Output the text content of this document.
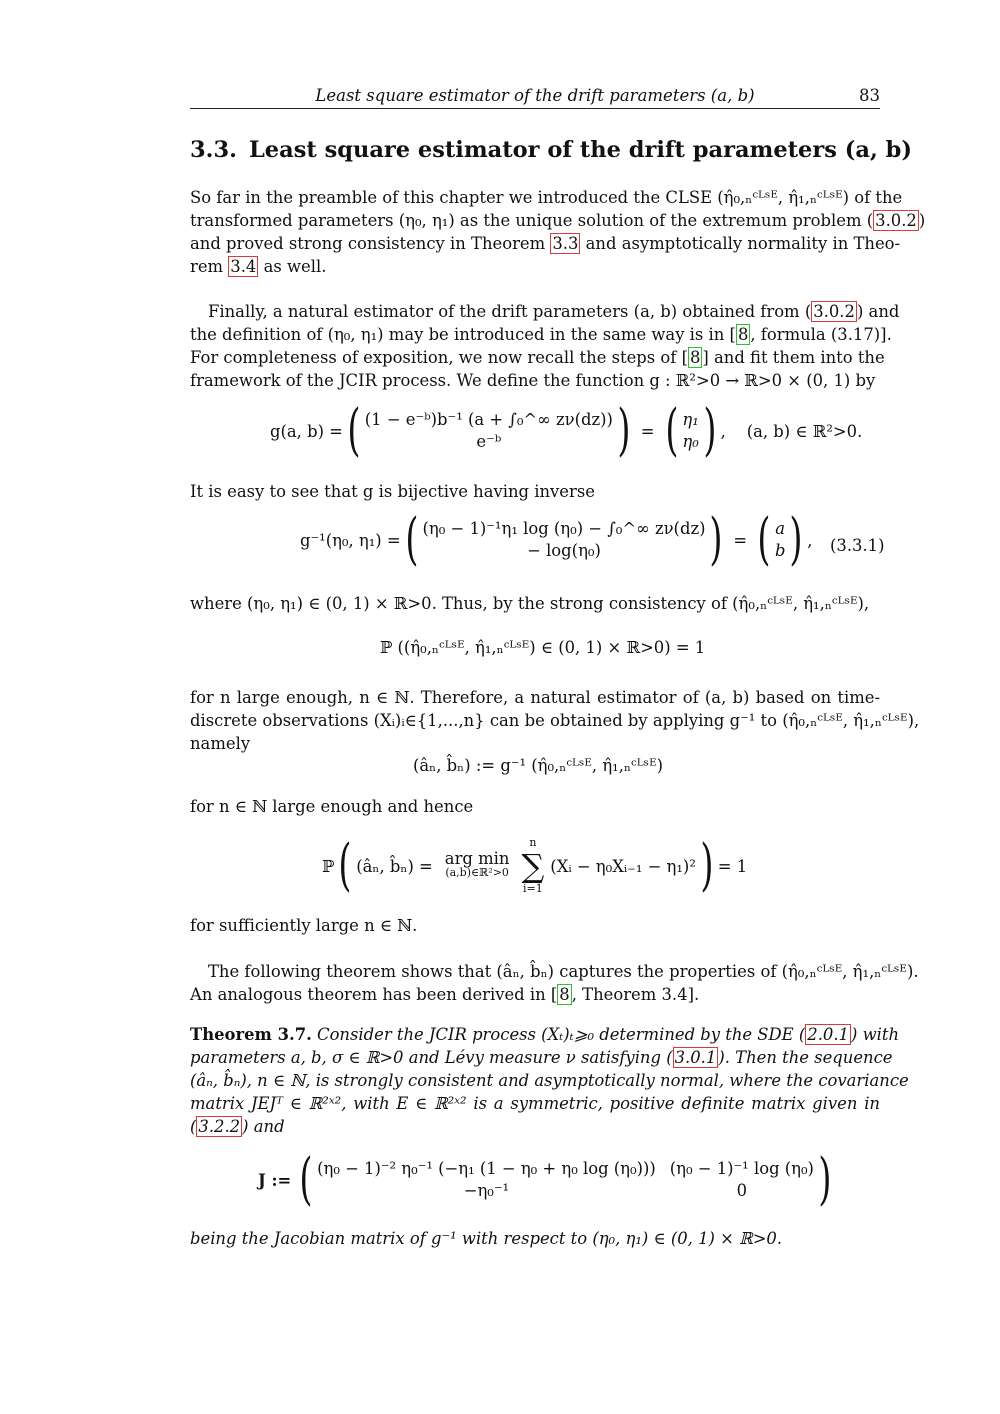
Least square estimator of the drift parameters (a, b)	83
3.3. Least square estimator of the drift parameters (a, b)
So far in the preamble of this chapter we introduced the CLSE (η̂₀,ₙᶜᴸˢᴱ, η̂₁,ₙᶜᴸˢᴱ) of the
transformed parameters (η₀, η₁) as the unique solution of the extremum problem ( 3.0.2 )
and proved strong consistency in Theorem 3.3 and asymptotically normality in Theo-
rem 3.4 as well.
Finally, a natural estimator of the drift parameters (a, b) obtained from ( 3.0.2 ) and
the definition of (η₀, η₁) may be introduced in the same way is in [ 8 , formula (3.17)].
For completeness of exposition, we now recall the steps of [ 8 ] and fit them into the
framework of the JCIR process. We define the function g : ℝ²>0 → ℝ>0 × (0, 1) by
g(a, b) = ( (1 − e⁻ᵇ)b⁻¹ (a + ∫₀^∞ zν(dz))
e⁻ᵇ ) = ( η₁
η₀ ) ,    (a, b) ∈ ℝ²>0.
It is easy to see that g is bijective having inverse
g⁻¹(η₀, η₁) = ( (η₀ − 1)⁻¹η₁ log (η₀) − ∫₀^∞ zν(dz)
− log(η₀) ) = ( a
b ) , (3.3.1)
where (η₀, η₁) ∈ (0, 1) × ℝ>0. Thus, by the strong consistency of (η̂₀,ₙᶜᴸˢᴱ, η̂₁,ₙᶜᴸˢᴱ),
ℙ ((η̂₀,ₙᶜᴸˢᴱ, η̂₁,ₙᶜᴸˢᴱ) ∈ (0, 1) × ℝ>0) = 1
for n large enough, n ∈ ℕ. Therefore, a natural estimator of (a, b) based on time-
discrete observations (Xᵢ)ᵢ∈{1,...,n} can be obtained by applying g⁻¹ to (η̂₀,ₙᶜᴸˢᴱ, η̂₁,ₙᶜᴸˢᴱ),
namely
(âₙ, b̂ₙ) := g⁻¹ (η̂₀,ₙᶜᴸˢᴱ, η̂₁,ₙᶜᴸˢᴱ)
for n ∈ ℕ large enough and hence
ℙ ( (âₙ, b̂ₙ) = arg min
(a,b)∈ℝ²>0
n
∑
i=1
(Xᵢ − η₀Xᵢ₋₁ − η₁)² ) = 1
for sufficiently large n ∈ ℕ.
The following theorem shows that (âₙ, b̂ₙ) captures the properties of (η̂₀,ₙᶜᴸˢᴱ, η̂₁,ₙᶜᴸˢᴱ).
An analogous theorem has been derived in [ 8 , Theorem 3.4].
Theorem 3.7. Consider the JCIR process (Xₜ)ₜ⩾₀ determined by the SDE ( 2.0.1 ) with
parameters a, b, σ ∈ ℝ>0 and Lévy measure ν satisfying ( 3.0.1 ). Then the sequence
(âₙ, b̂ₙ), n ∈ ℕ, is strongly consistent and asymptotically normal, where the covariance
matrix JEJᵀ ∈ ℝ²ˣ², with E ∈ ℝ²ˣ² is a symmetric, positive definite matrix given in
( 3.2.2 ) and
J := ( (η₀ − 1)⁻² η₀⁻¹ (−η₁ (1 − η₀ + η₀ log (η₀))) (η₀ − 1)⁻¹ log (η₀)
−η₀⁻¹	0	)
being the Jacobian matrix of g⁻¹ with respect to (η₀, η₁) ∈ (0, 1) × ℝ>0.
